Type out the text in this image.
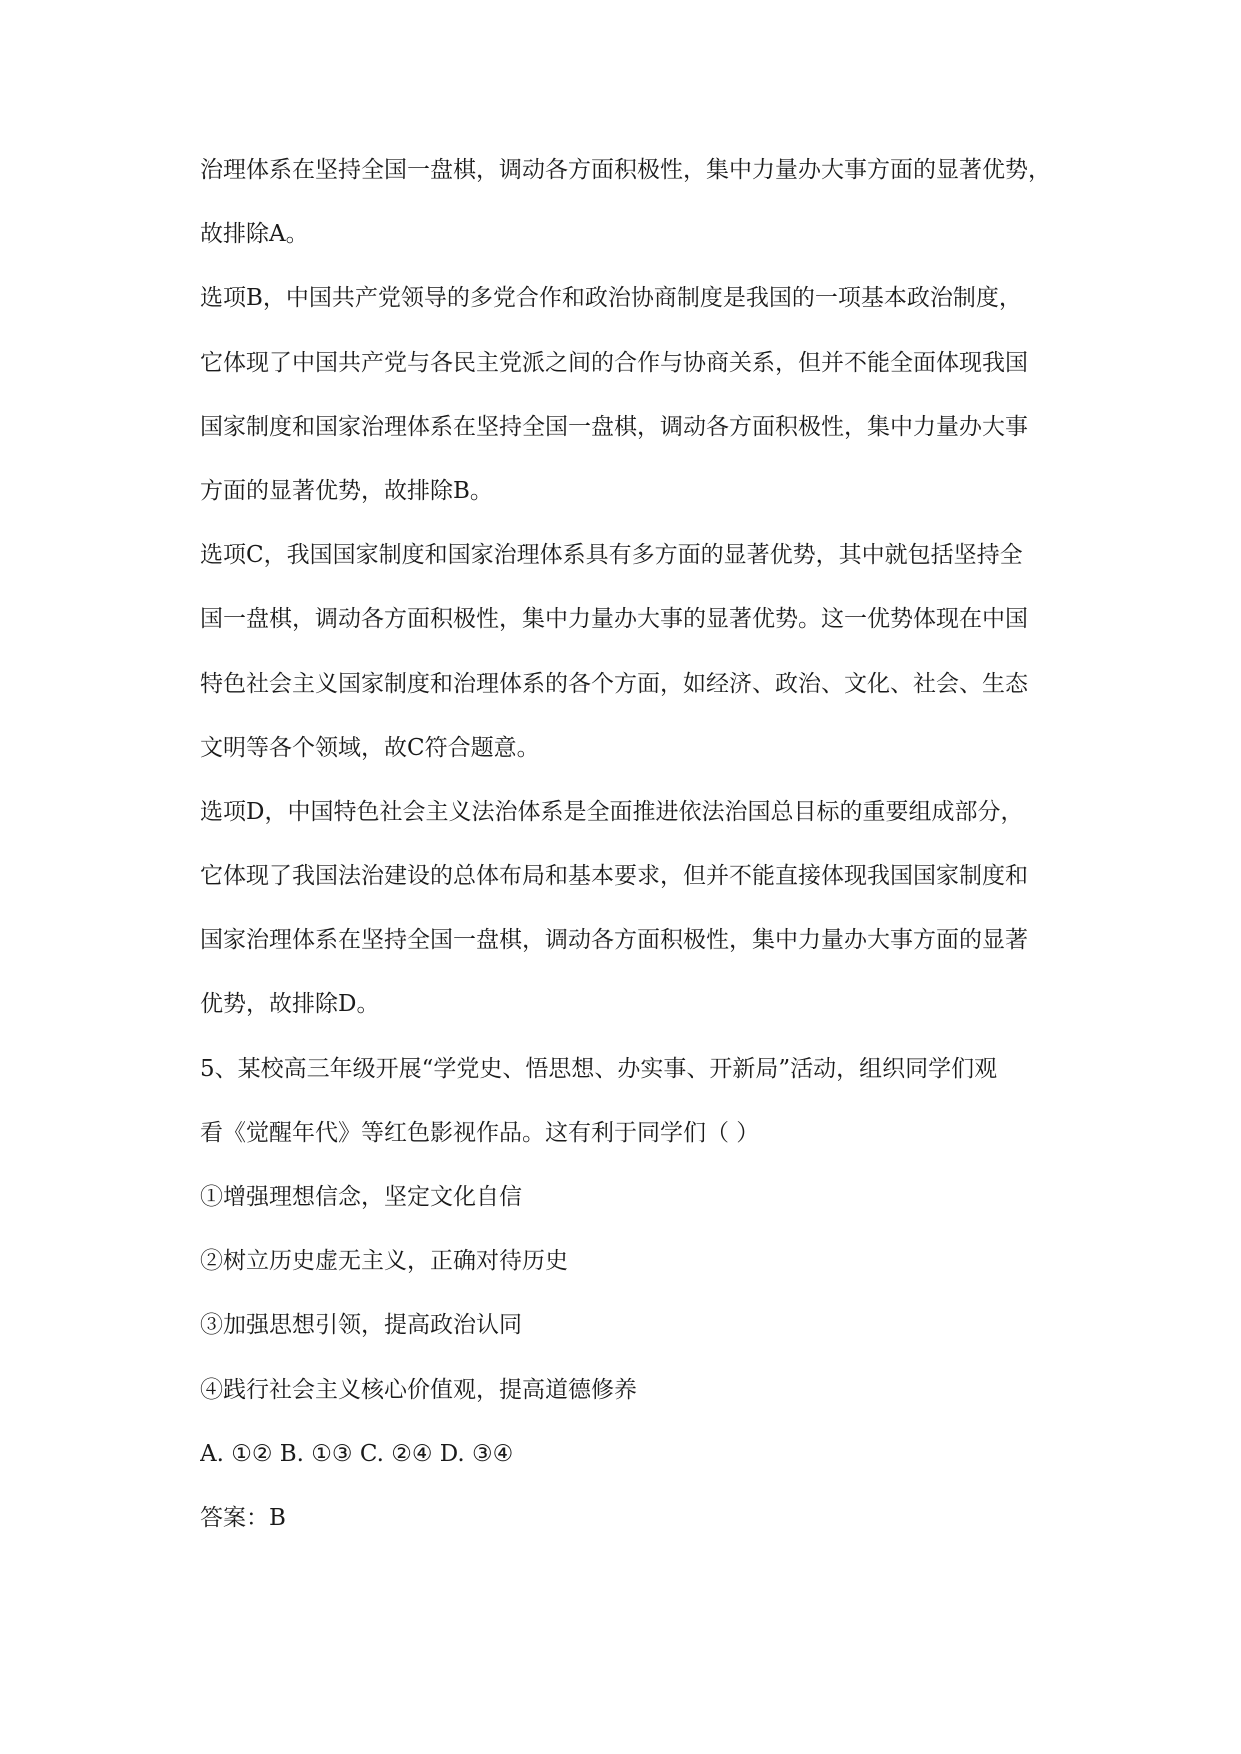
治理体系在坚持全国一盘棋，调动各方面积极性，集中力量办大事方面的显著优势，
故排除A。
选项B，中国共产党领导的多党合作和政治协商制度是我国的一项基本政治制度，
它体现了中国共产党与各民主党派之间的合作与协商关系，但并不能全面体现我国
国家制度和国家治理体系在坚持全国一盘棋，调动各方面积极性，集中力量办大事
方面的显著优势，故排除B。
选项C，我国国家制度和国家治理体系具有多方面的显著优势，其中就包括坚持全
国一盘棋，调动各方面积极性，集中力量办大事的显著优势。这一优势体现在中国
特色社会主义国家制度和治理体系的各个方面，如经济、政治、文化、社会、生态
文明等各个领域，故C符合题意。
选项D，中国特色社会主义法治体系是全面推进依法治国总目标的重要组成部分，
它体现了我国法治建设的总体布局和基本要求，但并不能直接体现我国国家制度和
国家治理体系在坚持全国一盘棋，调动各方面积极性，集中力量办大事方面的显著
优势，故排除D。
5、某校高三年级开展“学党史、悟思想、办实事、开新局”活动，组织同学们观
看《觉醒年代》等红色影视作品。这有利于同学们（ ）
①增强理想信念，坚定文化自信
②树立历史虚无主义，正确对待历史
③加强思想引领，提高政治认同
④践行社会主义核心价值观，提高道德修养
A. ①② B. ①③ C. ②④ D. ③④
答案：B
